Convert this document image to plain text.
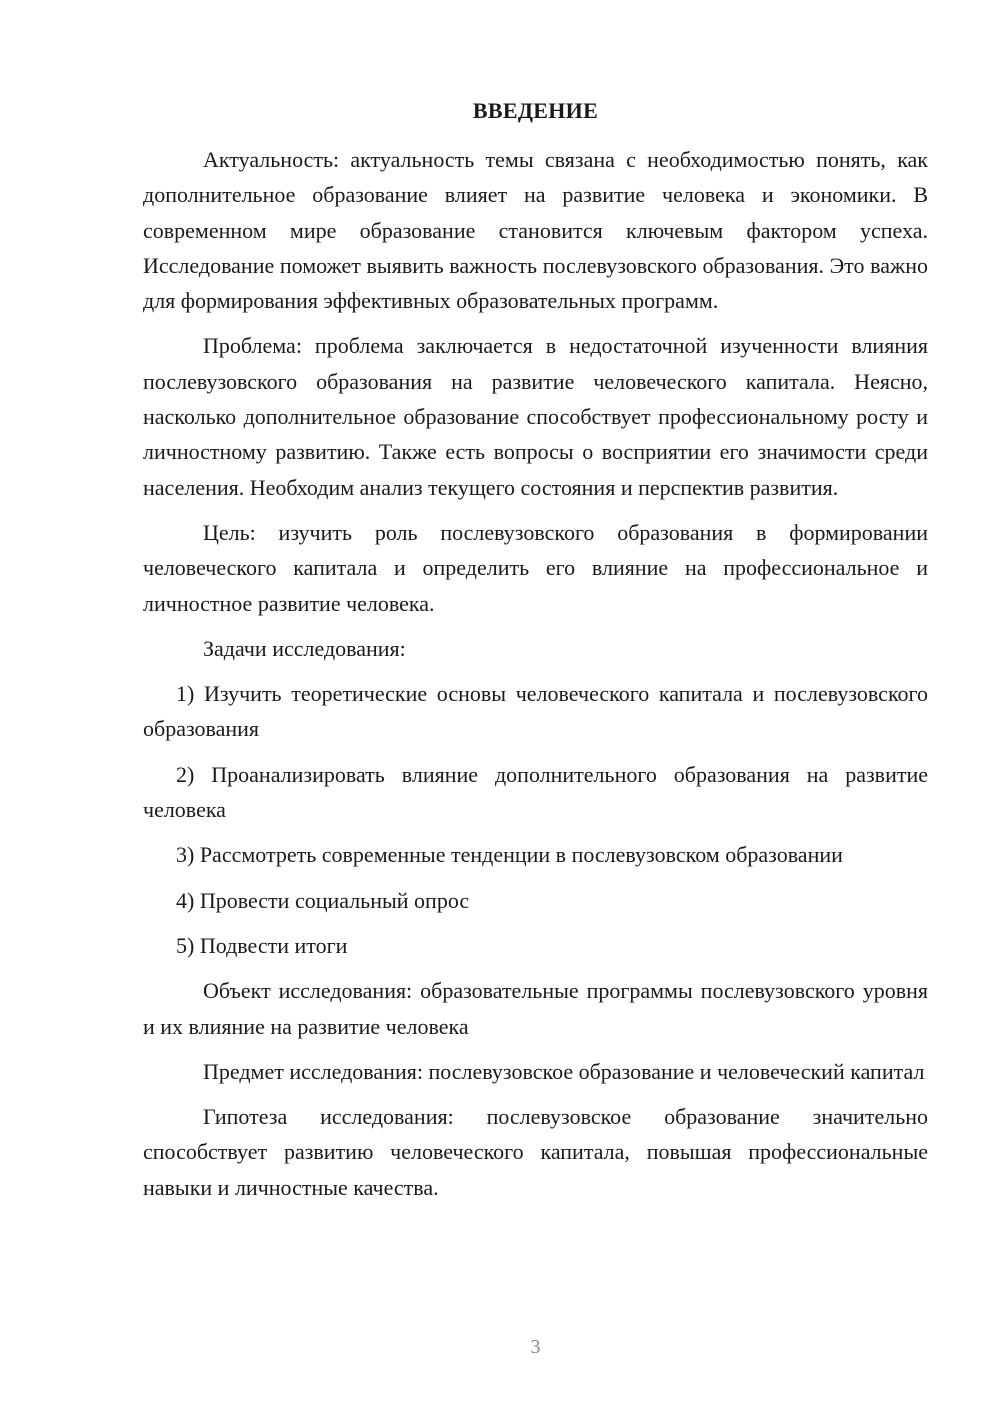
ВВЕДЕНИЕ

Актуальность: актуальность темы связана с необходимостью понять, как дополнительное образование влияет на развитие человека и экономики. В современном мире образование становится ключевым фактором успеха. Исследование поможет выявить важность послевузовского образования. Это важно для формирования эффективных образовательных программ.

Проблема: проблема заключается в недостаточной изученности влияния послевузовского образования на развитие человеческого капитала. Неясно, насколько дополнительное образование способствует профессиональному росту и личностному развитию. Также есть вопросы о восприятии его значимости среди населения. Необходим анализ текущего состояния и перспектив развития.

Цель: изучить роль послевузовского образования в формировании человеческого капитала и определить его влияние на профессиональное и личностное развитие человека.

Задачи исследования:

1) Изучить теоретические основы человеческого капитала и послевузовского образования

2) Проанализировать влияние дополнительного образования на развитие человека

3) Рассмотреть современные тенденции в послевузовском образовании

4) Провести социальный опрос

5) Подвести итоги

Объект исследования: образовательные программы послевузовского уровня и их влияние на развитие человека

Предмет исследования: послевузовское образование и человеческий капитал

Гипотеза исследования: послевузовское образование значительно способствует развитию человеческого капитала, повышая профессиональные навыки и личностные качества.

3
